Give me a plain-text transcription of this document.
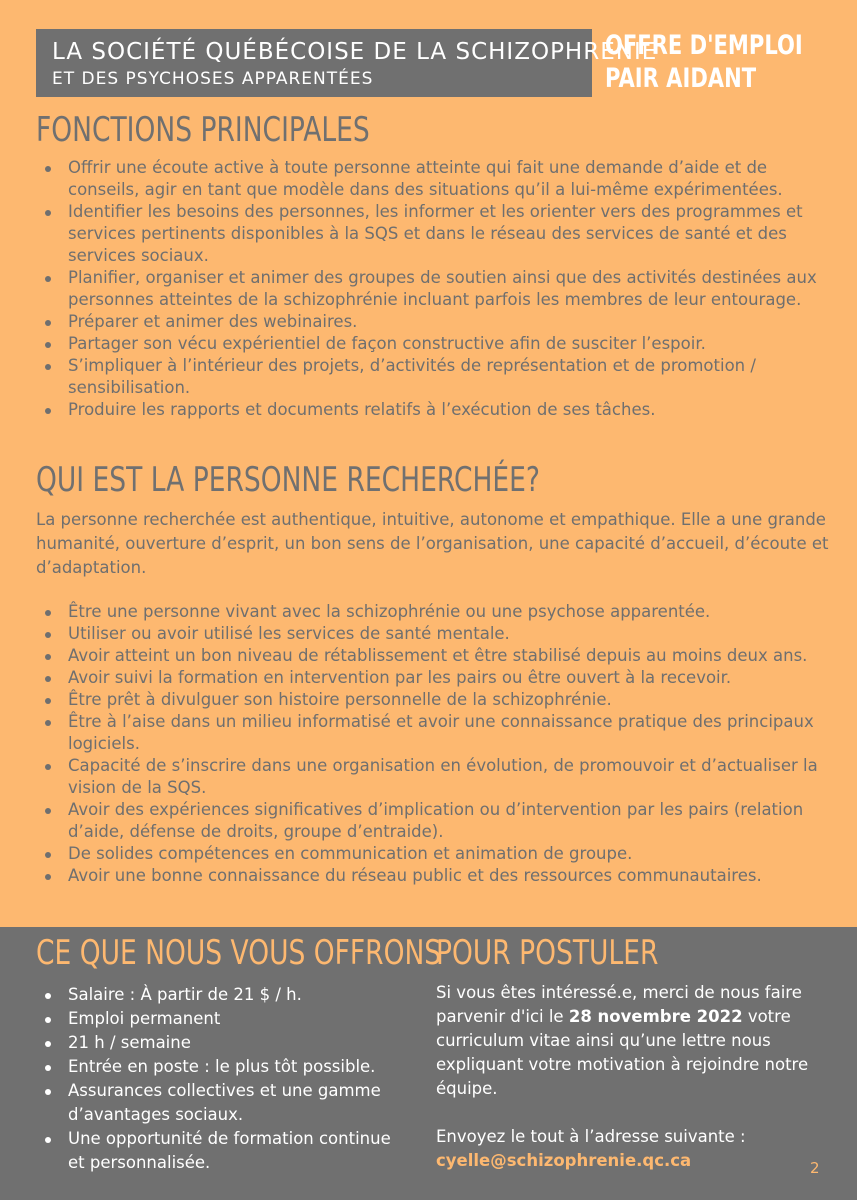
LA SOCIÉTÉ QUÉBÉCOISE DE LA SCHIZOPHRÉNIE
ET DES PSYCHOSES APPARENTÉES
OFFRE D'EMPLOI
PAIR AIDANT
FONCTIONS PRINCIPALES
Offrir une écoute active à toute personne atteinte qui fait une demande d’aide et de conseils, agir en tant que modèle dans des situations qu’il a lui-même expérimentées.
Identifier les besoins des personnes, les informer et les orienter vers des programmes et services pertinents disponibles à la SQS et dans le réseau des services de santé et des services sociaux.
Planifier, organiser et animer des groupes de soutien ainsi que des activités destinées aux personnes atteintes de la schizophrénie incluant parfois les membres de leur entourage.
Préparer et animer des webinaires.
Partager son vécu expérientiel de façon constructive afin de susciter l’espoir.
S’impliquer à l’intérieur des projets, d’activités de représentation et de promotion / sensibilisation.
Produire les rapports et documents relatifs à l’exécution de ses tâches.
QUI EST LA PERSONNE RECHERCHÉE?
La personne recherchée est authentique, intuitive, autonome et empathique. Elle a une grande humanité, ouverture d’esprit, un bon sens de l’organisation, une capacité d’accueil, d’écoute et d’adaptation.
Être une personne vivant avec la schizophrénie ou une psychose apparentée.
Utiliser ou avoir utilisé les services de santé mentale.
Avoir atteint un bon niveau de rétablissement et être stabilisé depuis au moins deux ans.
Avoir suivi la formation en intervention par les pairs ou être ouvert à la recevoir.
Être prêt à divulguer son histoire personnelle de la schizophrénie.
Être à l’aise dans un milieu informatisé et avoir une connaissance pratique des principaux logiciels.
Capacité de s’inscrire dans une organisation en évolution, de promouvoir et d’actualiser la vision de la SQS.
Avoir des expériences significatives d’implication ou d’intervention par les pairs (relation d’aide, défense de droits, groupe d’entraide).
De solides compétences en communication et animation de groupe.
Avoir une bonne connaissance du réseau public et des ressources communautaires.
CE QUE NOUS VOUS OFFRONS
Salaire : À partir de 21 $ / h.
Emploi permanent
21 h / semaine
Entrée en poste : le plus tôt possible.
Assurances collectives et une gamme d’avantages sociaux.
Une opportunité de formation continue et personnalisée.
POUR POSTULER
Si vous êtes intéressé.e, merci de nous faire parvenir d'ici le 28 novembre 2022 votre curriculum vitae ainsi qu’une lettre nous expliquant votre motivation à rejoindre notre équipe.
Envoyez le tout à l’adresse suivante :
cyelle@schizophrenie.qc.ca	2
